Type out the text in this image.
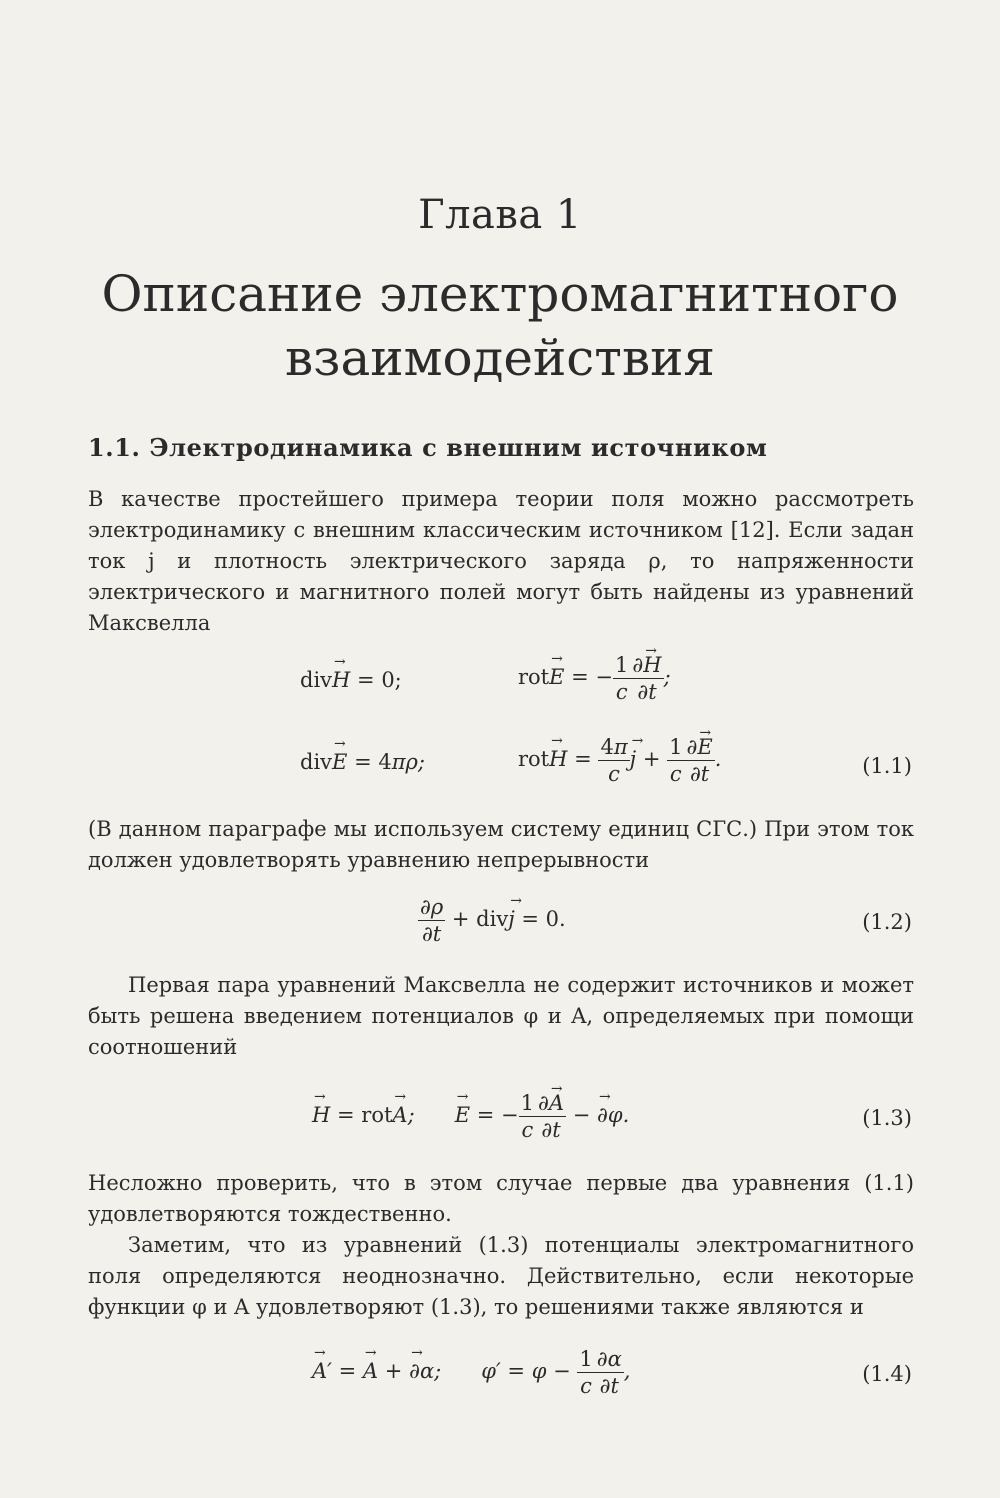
Глава 1
Описание электромагнитного
взаимодействия
1.1. Электродинамика с внешним источником
В качестве простейшего примера теории поля можно рассмотреть электродинамику с внешним классическим источником [12]. Если задан ток j и плотность электрического заряда ρ, то напряженности электрического и магнитного полей могут быть найдены из уравнений Максвелла
div→ H = 0;	rot→ E = − $\frac{1}{c} \frac{\partial\to H}{\partial t}$ ;
div→ E = 4πρ;	$rot\to H = \frac{4\pi}{c}$
→ $j + \frac{1}{c} \frac{\partial\to E}{\partial t}$ .	(1.1)
(В данном параграфе мы используем систему единиц СГС.) При этом ток должен удовлетворять уравнению непрерывности
$\frac{\partial\rho}{\partial t} + div\to j = 0$.	(1.2)
Первая пара уравнений Максвелла не содержит источников и может быть решена введением потенциалов φ и A, определяемых при помощи соотношений
→ H = rot→ A;      → E = − $\frac{1}{c} \frac{\partial\to A}{\partial t}$ − → ∂φ.	(1.3)
Несложно проверить, что в этом случае первые два уравнения (1.1) удовлетворяются тождественно.
Заметим, что из уравнений (1.3) потенциалы электромагнитного поля определяются неоднозначно. Действительно, если некоторые функции φ и A удовлетворяют (1.3), то решениями также являются и
→ A′ = → A + → ∂α;      $\varphi' = \varphi - \frac{1}{c} \frac{\partial\alpha}{\partial t}$ ,	(1.4)
